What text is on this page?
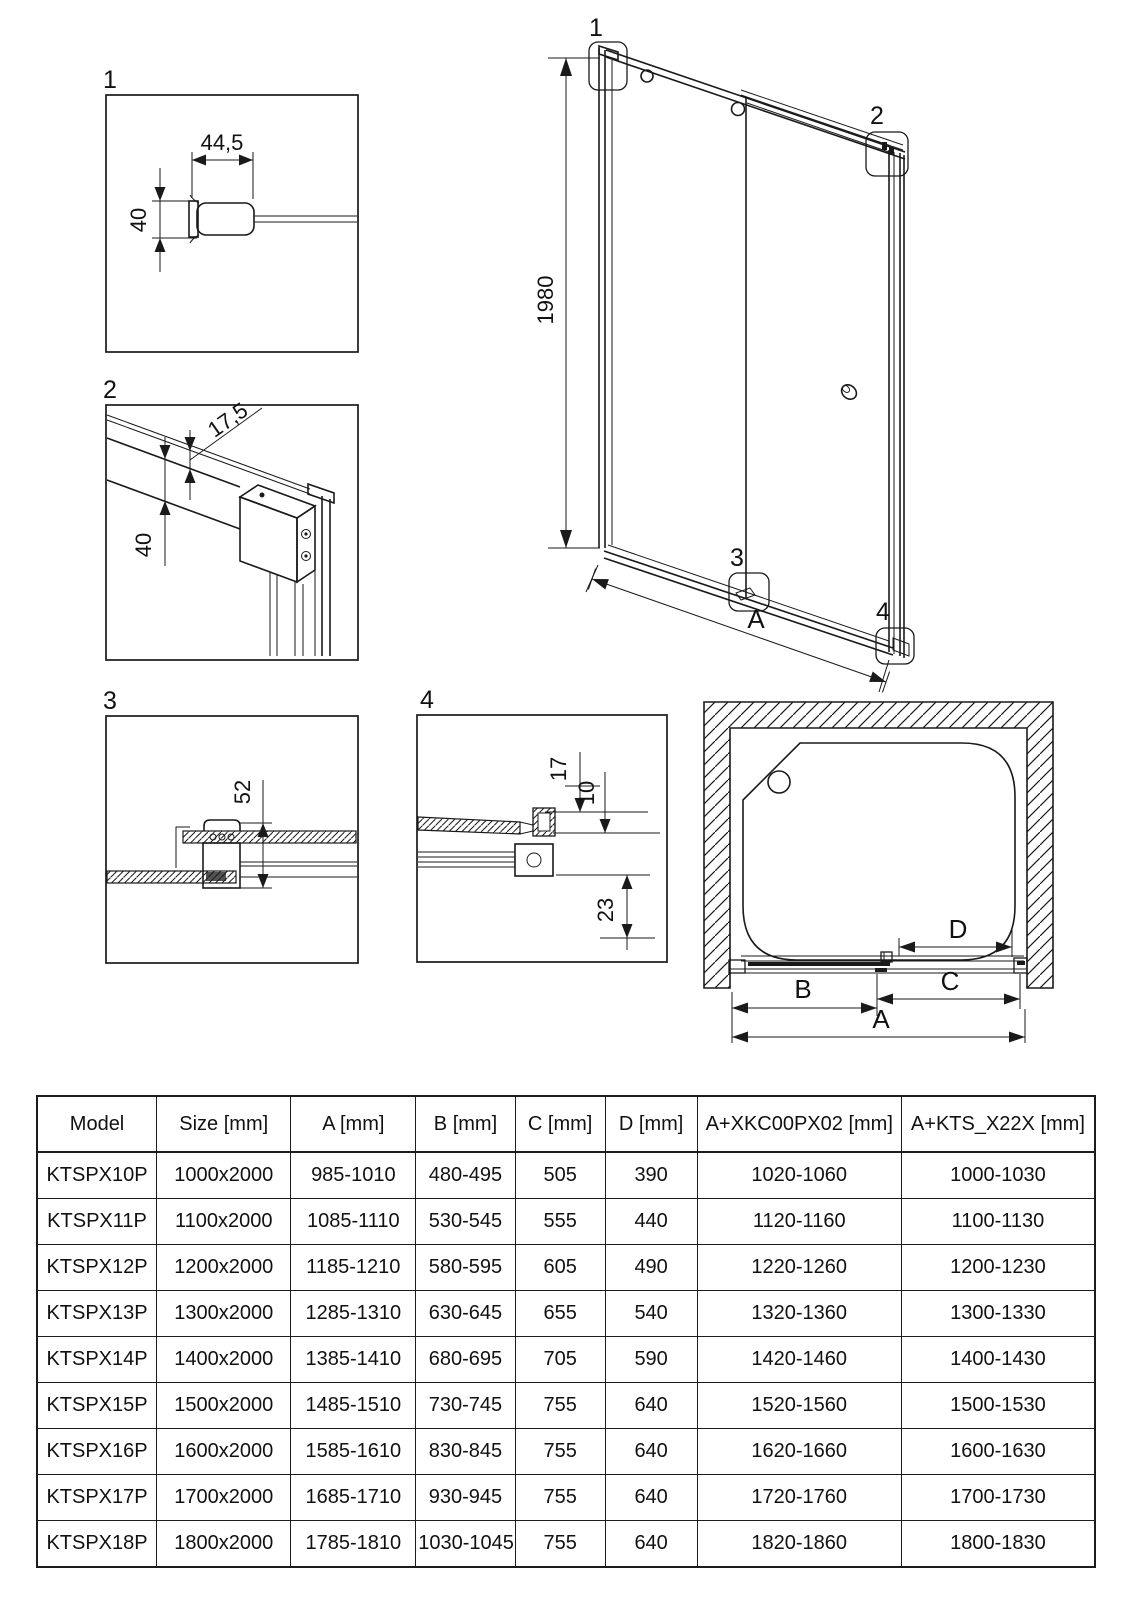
1
44,5
40
2
17,5
40
3
52
4
17
10
23
1980
1
2
3
4
A
D
B	C
A
Model	Size [mm]	A [mm]	B [mm]	C [mm]	D [mm]	A+XKC00PX02 [mm]	A+KTS_X22X [mm]
KTSPX10P	1000x2000	985-1010	480-495	505	390	1020-1060	1000-1030
KTSPX11P	1100x2000	1085-1110	530-545	555	440	1120-1160	1100-1130
KTSPX12P	1200x2000	1185-1210	580-595	605	490	1220-1260	1200-1230
KTSPX13P	1300x2000	1285-1310	630-645	655	540	1320-1360	1300-1330
KTSPX14P	1400x2000	1385-1410	680-695	705	590	1420-1460	1400-1430
KTSPX15P	1500x2000	1485-1510	730-745	755	640	1520-1560	1500-1530
KTSPX16P	1600x2000	1585-1610	830-845	755	640	1620-1660	1600-1630
KTSPX17P	1700x2000	1685-1710	930-945	755	640	1720-1760	1700-1730
KTSPX18P	1800x2000	1785-1810	1030-1045	755	640	1820-1860	1800-1830
